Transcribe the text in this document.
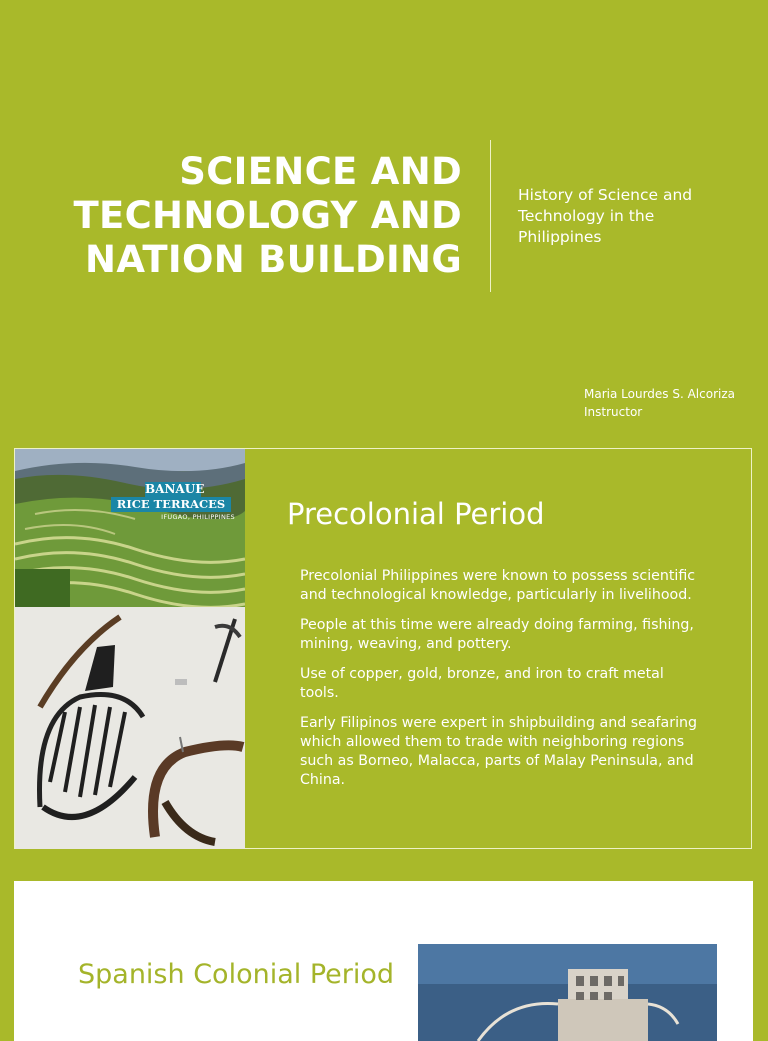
SCIENCE AND
TECHNOLOGY AND
NATION BUILDING

History of Science and
Technology in the
Philippines

Maria Lourdes S. Alcoriza
Instructor
BANAUE
RICE TERRACES
IFUGAO, PHILIPPINES Precolonial Period
Precolonial Philippines were known to possess scientific and technological knowledge, particularly in livelihood.
People at this time were already doing farming, fishing, mining, weaving, and pottery.
Use of copper, gold, bronze, and iron to craft metal tools.
Early Filipinos were expert in shipbuilding and seafaring which allowed them to trade with neighboring regions such as Borneo, Malacca, parts of Malay Peninsula, and China.
Spanish Colonial Period
